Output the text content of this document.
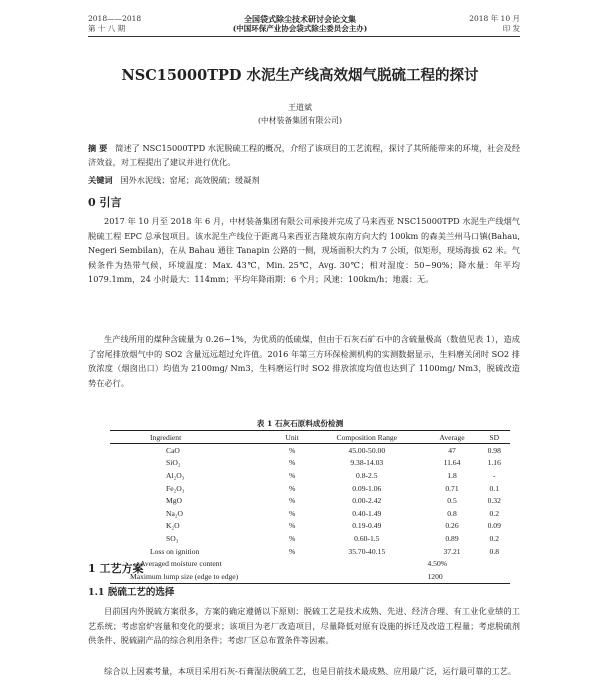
2018——2018
第 十 八 期
全国袋式除尘技术研讨会论文集
(中国环保产业协会袋式除尘委员会主办)
2018 年 10 月
印 发
NSC15000TPD 水泥生产线高效烟气脱硫工程的探讨
王道斌
(中材装备集团有限公司)
摘 要 简述了 NSC15000TPD 水泥脱硫工程的概况，介绍了该项目的工艺流程，探讨了其所能带来的环境，社会及经济效益，对工程提出了建议并进行优化。
关键词 国外水泥线；窑尾；高效脱硫；缓凝剂
0 引言
2017 年 10 月至 2018 年 6 月，中材装备集团有限公司承接并完成了马来西亚 NSC15000TPD 水泥生产线烟气脱硫工程 EPC 总承包项目。该水泥生产线位于距离马来西亚吉隆坡东南方向大约 100km 的森美兰州马口镇(Bahau, Negeri Sembilan)，在从 Bahau 通往 Tanapin 公路的一侧，现场面积大约为 7 公顷，似矩形，现场海拔 62 米。气候条件为热带气候，环境温度：Max. 43℃，Min. 25℃，Avg. 30℃；相对湿度：50~90%；降水量：年平均 1079.1mm，24 小时最大：114mm；平均年降雨期：6 个月；风速：100km/h；地震：无。
生产线所用的煤种含硫量为 0.26~1%，为优质的低硫煤，但由于石灰石矿石中的含硫量极高（数值见表 1），造成了窑尾排放烟气中的 SO2 含量远远超过允许值。2016 年第三方环保检测机构的实测数据显示，生料磨关闭时 SO2 排放浓度（烟囱出口）均值为 2100mg/ Nm3，生料磨运行时 SO2 排放浓度均值也达到了 1100mg/ Nm3，脱硫改造势在必行。
表 1 石灰石原料成份检测
Ingredient	Unit	Composition Range	Average	SD
CaO	%	45.00-50.00	47	0.98
SiO₂	%	9.38-14.03	11.64	1.16
Al₂O₃	%	0.8-2.5	1.8	-
Fe₂O₃	%	0.09-1.06	0.71	0.1
MgO	%	0.00-2.42	0.5	0.32
Na₂O	%	0.40-1.49	0.8	0.2
K₂O	%	0.19-0.49	0.26	0.09
SO₃	%	0.60-1.5	0.89	0.2
Loss on ignition	%	35.70-40.15	37.21	0.8
Averaged moisture content			4.50%	
Maximum lump size (edge to edge)			1200	
1 工艺方案
1.1 脱硫工艺的选择
目前国内外脱硫方案很多，方案的确定遵循以下原则：脱硫工艺是技术成熟、先进、经济合理、有工业化业绩的工艺系统；考虑窑炉容量和变化的要求；该项目为老厂改造项目，尽量降低对原有设施的拆迁及改造工程量；考虑脱硫剂供条件、脱硫副产品的综合利用条件；考虑厂区总布置条件等因素。
综合以上因素考量，本项目采用石灰-石膏湿法脱硫工艺，也是目前技术最成熟、应用最广泛，运行最可靠的工艺。
